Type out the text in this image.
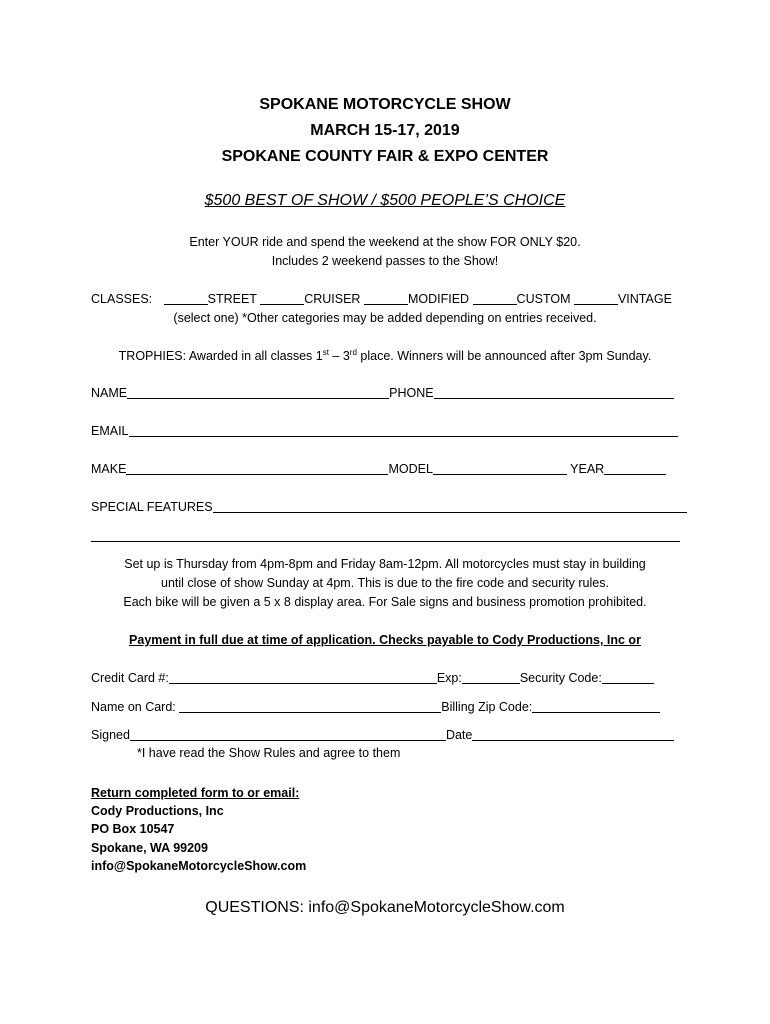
SPOKANE MOTORCYCLE SHOW
MARCH 15-17, 2019
SPOKANE COUNTY FAIR & EXPO CENTER
$500 BEST OF SHOW / $500 PEOPLE’S CHOICE
Enter YOUR ride and spend the weekend at the show FOR ONLY $20.
Includes 2 weekend passes to the Show!
CLASSES:	STREET	CRUISER	MODIFIED	CUSTOM	VINTAGE
(select one) *Other categories may be added depending on entries received.
TROPHIES: Awarded in all classes 1st – 3rd place. Winners will be announced after 3pm Sunday.
NAME	PHONE
EMAIL
MAKE	MODEL	YEAR
SPECIAL FEATURES
Set up is Thursday from 4pm-8pm and Friday 8am-12pm. All motorcycles must stay in building
until close of show Sunday at 4pm. This is due to the fire code and security rules.
Each bike will be given a 5 x 8 display area. For Sale signs and business promotion prohibited.
Payment in full due at time of application. Checks payable to Cody Productions, Inc or
Credit Card #:	Exp:	Security Code:
Name on Card:	Billing Zip Code:
Signed	Date
*I have read the Show Rules and agree to them
Return completed form to or email:
Cody Productions, Inc
PO Box 10547
Spokane, WA 99209
info@SpokaneMotorcycleShow.com
QUESTIONS: info@SpokaneMotorcycleShow.com
